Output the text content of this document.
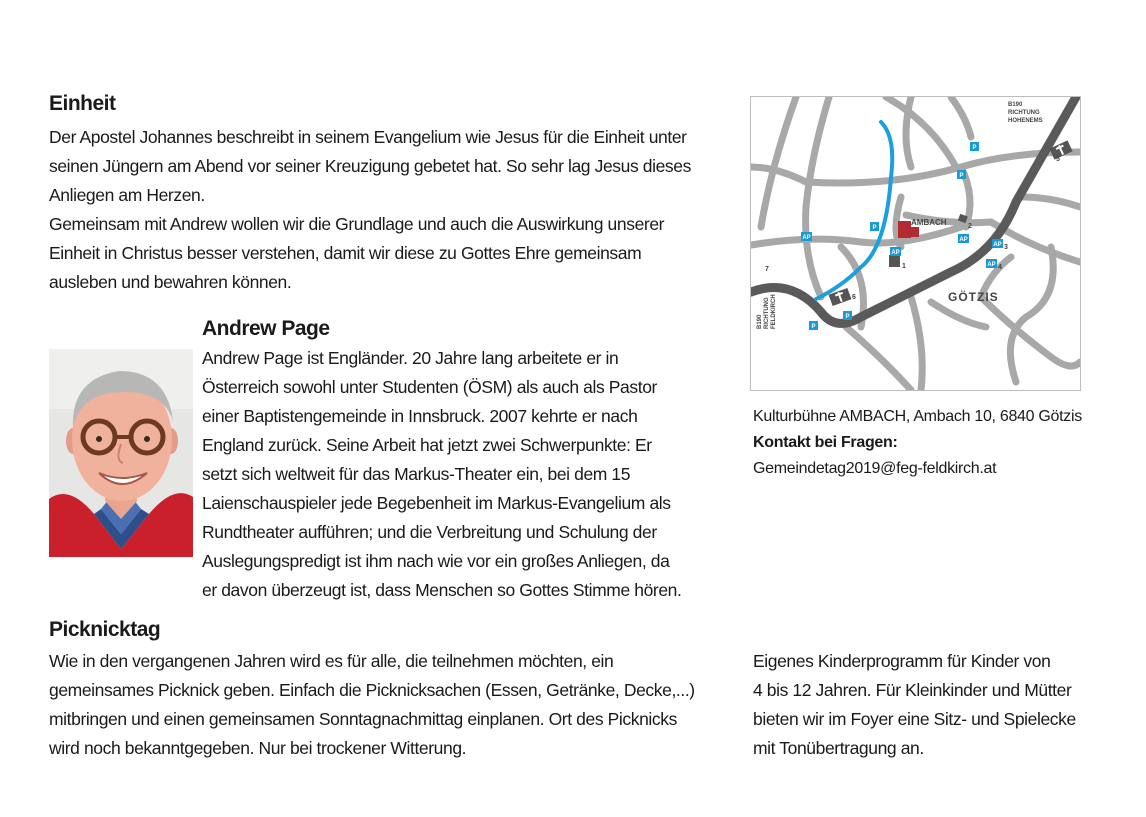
Einheit

Der Apostel Johannes beschreibt in seinem Evangelium wie Jesus für die Einheit unter
seinen Jüngern am Abend vor seiner Kreuzigung gebetet hat. So sehr lag Jesus dieses
Anliegen am Herzen.
Gemeinsam mit Andrew wollen wir die Grundlage und auch die Auswirkung unserer
Einheit in Christus besser verstehen, damit wir diese zu Gottes Ehre gemeinsam
ausleben und bewahren können.

Andrew Page

Andrew Page ist Engländer. 20 Jahre lang arbeitete er in
Österreich sowohl unter Studenten (ÖSM) als auch als Pastor
einer Baptistengemeinde in Innsbruck. 2007 kehrte er nach
England zurück. Seine Arbeit hat jetzt zwei Schwerpunkte: Er
setzt sich weltweit für das Markus-Theater ein, bei dem 15
Laienschauspieler jede Begebenheit im Markus-Evangelium als
Rundtheater aufführen; und die Verbreitung und Schulung der
Auslegungspredigt ist ihm nach wie vor ein großes Anliegen, da
er davon überzeugt ist, dass Menschen so Gottes Stimme hören.

Picknicktag

Wie in den vergangenen Jahren wird es für alle, die teilnehmen möchten, ein
gemeinsames Picknick geben. Einfach die Picknicksachen (Essen, Getränke, Decke,...)
mitbringen und einen gemeinsamen Sonntagnachmittag einplanen. Ort des Picknicks
wird noch bekanntgegeben. Nur bei trockener Witterung.

AMBACH
GÖTZIS
B190
RICHTUNG
HOHENEMS
B190 RICHTUNG FELDKIRCH
P
P
P
P
P
AP
AP
AP
AP
AP
1
2
3
4
5
6
7
Kulturbühne AMBACH, Ambach 10, 6840 Götzis
Kontakt bei Fragen:
Gemeindetag2019@feg-feldkirch.at

Eigenes Kinderprogramm für Kinder von
4 bis 12 Jahren. Für Kleinkinder und Mütter
bieten wir im Foyer eine Sitz- und Spielecke
mit Tonübertragung an.
